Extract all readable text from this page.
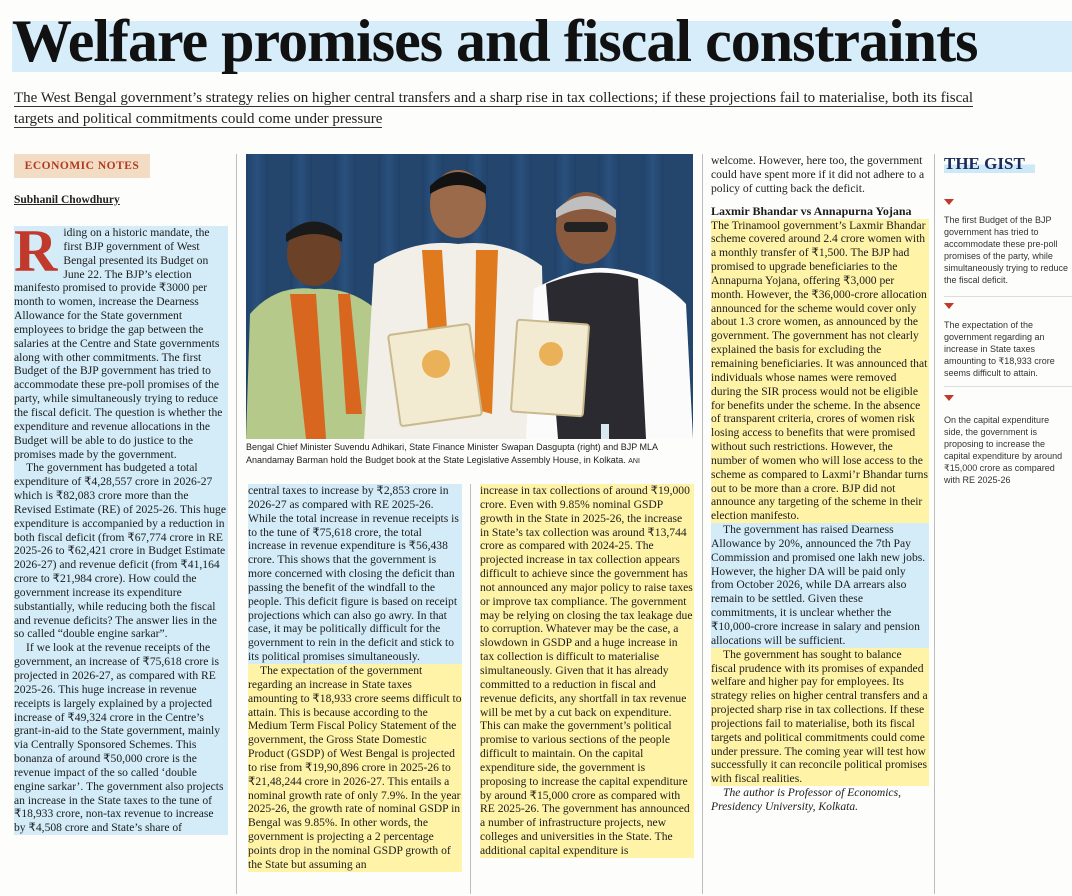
Welfare promises and fiscal constraints
The West Bengal government’s strategy relies on higher central transfers and a sharp rise in tax collections; if these projections fail to materialise, both its fiscal targets and political commitments could come under pressure
ECONOMIC NOTES
Subhanil Chowdhury
R iding on a historic mandate, the first BJP government of West Bengal presented its Budget on June 22. The BJP’s election manifesto promised to provide ₹3000 per month to women, increase the Dearness Allowance for the State government employees to bridge the gap between the salaries at the Centre and State governments along with other commitments. The first Budget of the BJP government has tried to accommodate these pre-poll promises of the party, while simultaneously trying to reduce the fiscal deficit. The question is whether the expenditure and revenue allocations in the Budget will be able to do justice to the promises made by the government.

The government has budgeted a total expenditure of ₹4,28,557 crore in 2026-27 which is ₹82,083 crore more than the Revised Estimate (RE) of 2025-26. This huge expenditure is accompanied by a reduction in both fiscal deficit (from ₹67,774 crore in RE 2025-26 to ₹62,421 crore in Budget Estimate 2026-27) and revenue deficit (from ₹41,164 crore to ₹21,984 crore). How could the government increase its expenditure substantially, while reducing both the fiscal and revenue deficits? The answer lies in the so called “double engine sarkar”.

If we look at the revenue receipts of the government, an increase of ₹75,618 crore is projected in 2026-27, as compared with RE 2025-26. This huge increase in revenue receipts is largely explained by a projected increase of ₹49,324 crore in the Centre’s grant-in-aid to the State government, mainly via Centrally Sponsored Schemes. This bonanza of around ₹50,000 crore is the revenue impact of the so called ‘double engine sarkar’. The government also projects an increase in the State taxes to the tune of ₹18,933 crore, non-tax revenue to increase by ₹4,508 crore and State’s share of

Bengal Chief Minister Suvendu Adhikari, State Finance Minister Swapan Dasgupta (right) and BJP MLA Anandamay Barman hold the Budget book at the State Legislative Assembly House, in Kolkata. ANI

central taxes to increase by ₹2,853 crore in 2026-27 as compared with RE 2025-26. While the total increase in revenue receipts is to the tune of ₹75,618 crore, the total increase in revenue expenditure is ₹56,438 crore. This shows that the government is more concerned with closing the deficit than passing the benefit of the windfall to the people. This deficit figure is based on receipt projections which can also go awry. In that case, it may be politically difficult for the government to rein in the deficit and stick to its political promises simultaneously.

The expectation of the government regarding an increase in State taxes amounting to ₹18,933 crore seems difficult to attain. This is because according to the Medium Term Fiscal Policy Statement of the government, the Gross State Domestic Product (GSDP) of West Bengal is projected to rise from ₹19,90,896 crore in 2025-26 to ₹21,48,244 crore in 2026-27. This entails a nominal growth rate of only 7.9%. In the year 2025-26, the growth rate of nominal GSDP in Bengal was 9.85%. In other words, the government is projecting a 2 percentage points drop in the nominal GSDP growth of the State but assuming an

increase in tax collections of around ₹19,000 crore. Even with 9.85% nominal GSDP growth in the State in 2025-26, the increase in State’s tax collection was around ₹13,744 crore as compared with 2024-25. The projected increase in tax collection appears difficult to achieve since the government has not announced any major policy to raise taxes or improve tax compliance. The government may be relying on closing the tax leakage due to corruption. Whatever may be the case, a slowdown in GSDP and a huge increase in tax collection is difficult to materialise simultaneously. Given that it has already committed to a reduction in fiscal and revenue deficits, any shortfall in tax revenue will be met by a cut back on expenditure. This can make the government’s political promise to various sections of the people difficult to maintain. On the capital expenditure side, the government is proposing to increase the capital expenditure by around ₹15,000 crore as compared with RE 2025-26. The government has announced a number of infrastructure projects, new colleges and universities in the State. The additional capital expenditure is

welcome. However, here too, the government could have spent more if it did not adhere to a policy of cutting back the deficit.

Laxmir Bhandar vs Annapurna Yojana

The Trinamool government’s Laxmir Bhandar scheme covered around 2.4 crore women with a monthly transfer of ₹1,500. The BJP had promised to upgrade beneficiaries to the Annapurna Yojana, offering ₹3,000 per month. However, the ₹36,000-crore allocation announced for the scheme would cover only about 1.3 crore women, as announced by the government. The government has not clearly explained the basis for excluding the remaining beneficiaries. It was announced that individuals whose names were removed during the SIR process would not be eligible for benefits under the scheme. In the absence of transparent criteria, crores of women risk losing access to benefits that were promised without such restrictions. However, the number of women who will lose access to the scheme as compared to Laxmi’r Bhandar turns out to be more than a crore. BJP did not announce any targeting of the scheme in their election manifesto.

The government has raised Dearness Allowance by 20%, announced the 7th Pay Commission and promised one lakh new jobs. However, the higher DA will be paid only from October 2026, while DA arrears also remain to be settled. Given these commitments, it is unclear whether the ₹10,000-crore increase in salary and pension allocations will be sufficient.

The government has sought to balance fiscal prudence with its promises of expanded welfare and higher pay for employees. Its strategy relies on higher central transfers and a projected sharp rise in tax collections. If these projections fail to materialise, both its fiscal targets and political commitments could come under pressure. The coming year will test how successfully it can reconcile political promises with fiscal realities.

The author is Professor of Economics, Presidency University, Kolkata.

THE GIST
The first Budget of the BJP government has tried to accommodate these pre-poll promises of the party, while simultaneously trying to reduce the fiscal deficit.
The expectation of the government regarding an increase in State taxes amounting to ₹18,933 crore seems difficult to attain.
On the capital expenditure side, the government is proposing to increase the capital expenditure by around ₹15,000 crore as compared with RE 2025-26
